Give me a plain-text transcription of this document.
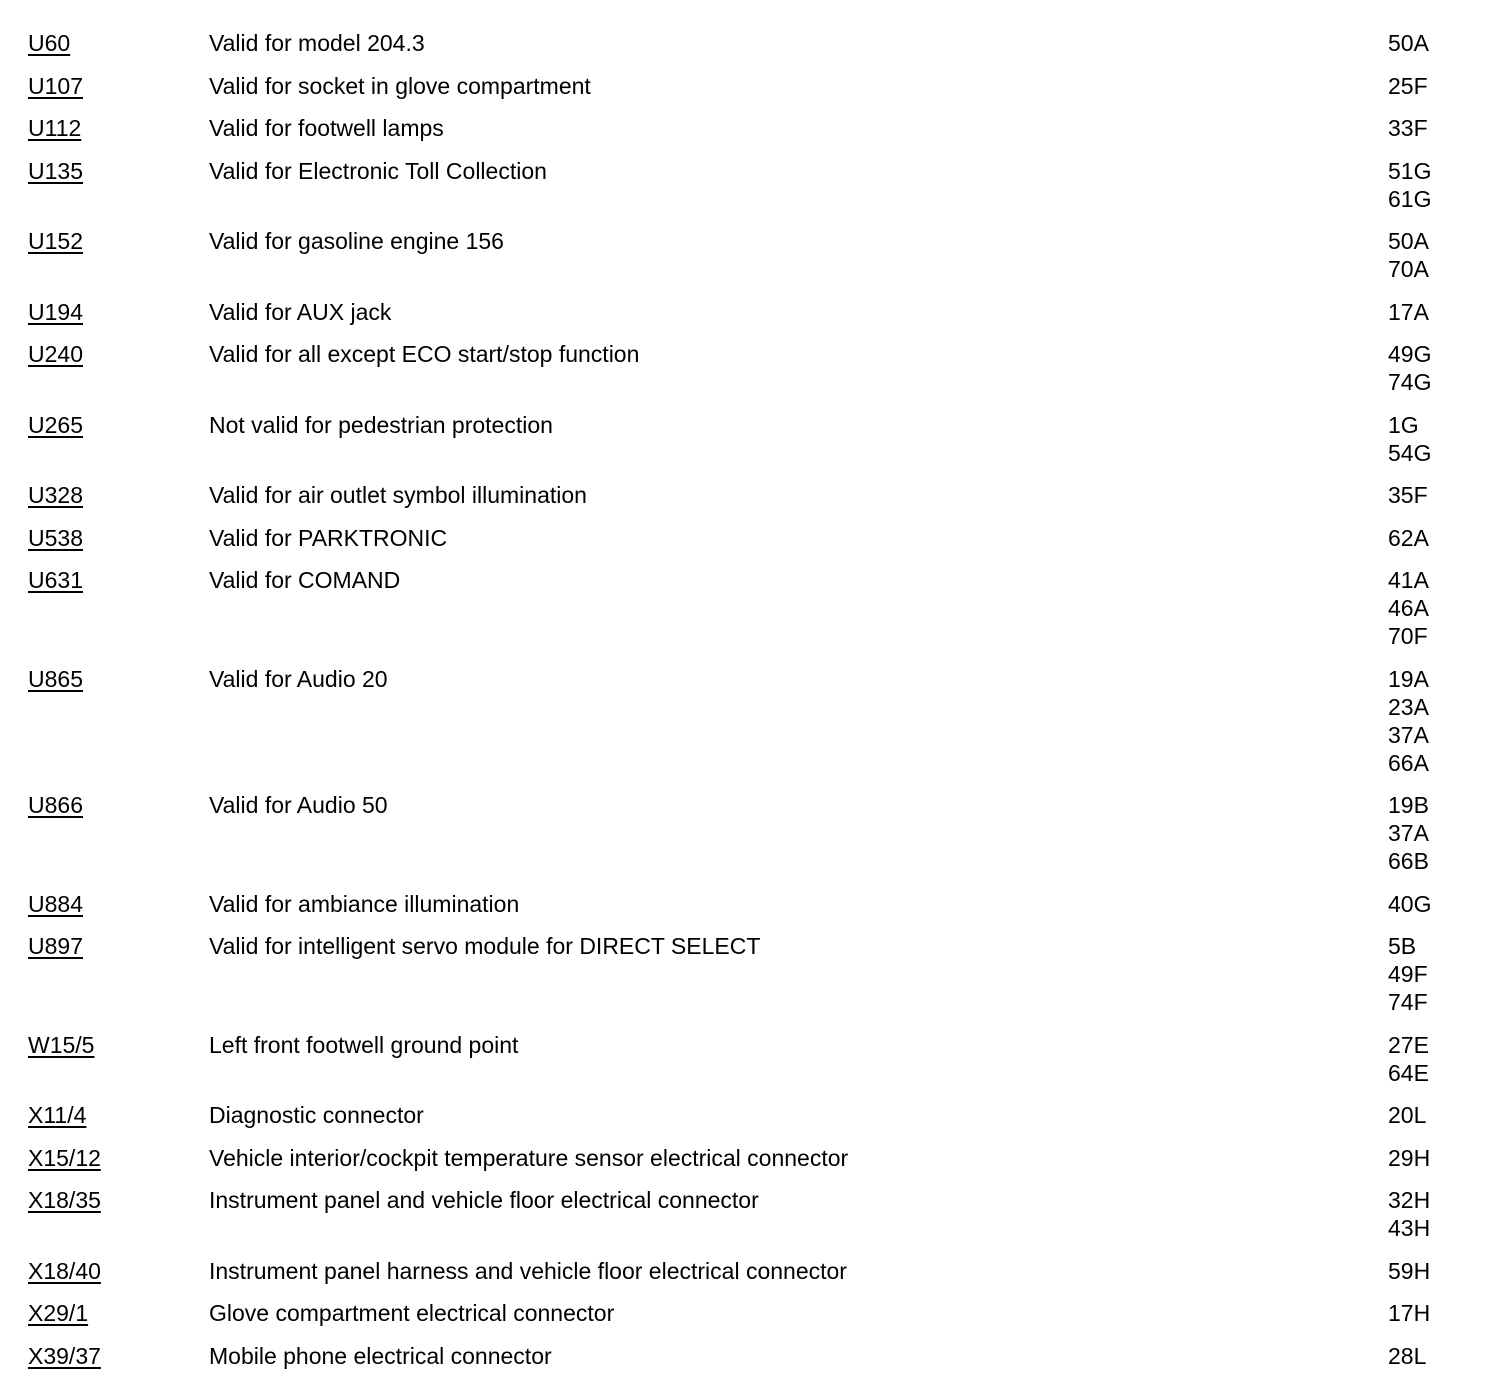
U60	Valid for model 204.3	50A
U107	Valid for socket in glove compartment	25F
U112	Valid for footwell lamps	33F
U135	Valid for Electronic Toll Collection	51G
61G
U152	Valid for gasoline engine 156	50A
70A
U194	Valid for AUX jack	17A
U240	Valid for all except ECO start/stop function	49G
74G
U265	Not valid for pedestrian protection	1G
54G
U328	Valid for air outlet symbol illumination	35F
U538	Valid for PARKTRONIC	62A
U631	Valid for COMAND	41A
46A
70F
U865	Valid for Audio 20	19A
23A
37A
66A
U866	Valid for Audio 50	19B
37A
66B
U884	Valid for ambiance illumination	40G
U897	Valid for intelligent servo module for DIRECT SELECT	5B
49F
74F
W15/5	Left front footwell ground point	27E
64E
X11/4	Diagnostic connector	20L
X15/12	Vehicle interior/cockpit temperature sensor electrical connector	29H
X18/35	Instrument panel and vehicle floor electrical connector	32H
43H
X18/40	Instrument panel harness and vehicle floor electrical connector	59H
X29/1	Glove compartment electrical connector	17H
X39/37	Mobile phone electrical connector	28L
